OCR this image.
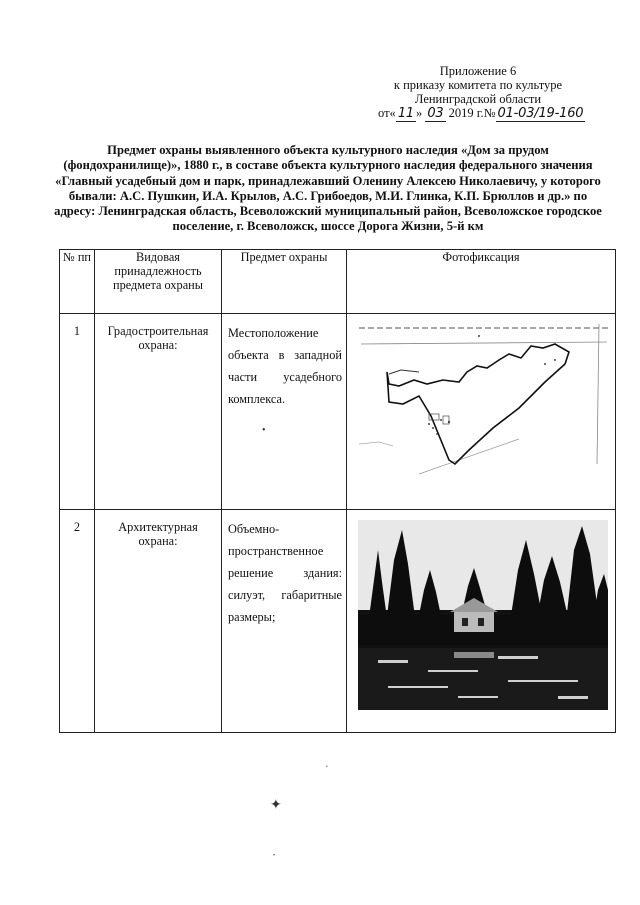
Приложение 6
к приказу комитета по культуре
Ленинградской области
от« 11 » 03 2019 г.№ 01-03/19-160
Предмет охраны выявленного объекта культурного наследия «Дом за прудом (фондохранилище)», 1880 г., в составе объекта культурного наследия федерального значения «Главный усадебный дом и парк, принадлежавший Оленину Алексею Николаевичу, у которого бывали: А.С. Пушкин, И.А. Крылов, А.С. Грибоедов, М.И. Глинка, К.П. Брюллов и др.» по адресу: Ленинградская область, Всеволожский муниципальный район, Всеволожское городское поселение, г. Всеволожск, шоссе Дорога Жизни, 5-й км
№ пп	Видовая принадлежность предмета охраны	Предмет охраны	Фотофиксация
1	Градостроительная охрана:	Местоположение объекта в западной части усадебного комплекса.	

2	Архитектурная охрана:	Объемно-пространственное решение здания: силуэт, габаритные размеры;	
•
✦
•
•
